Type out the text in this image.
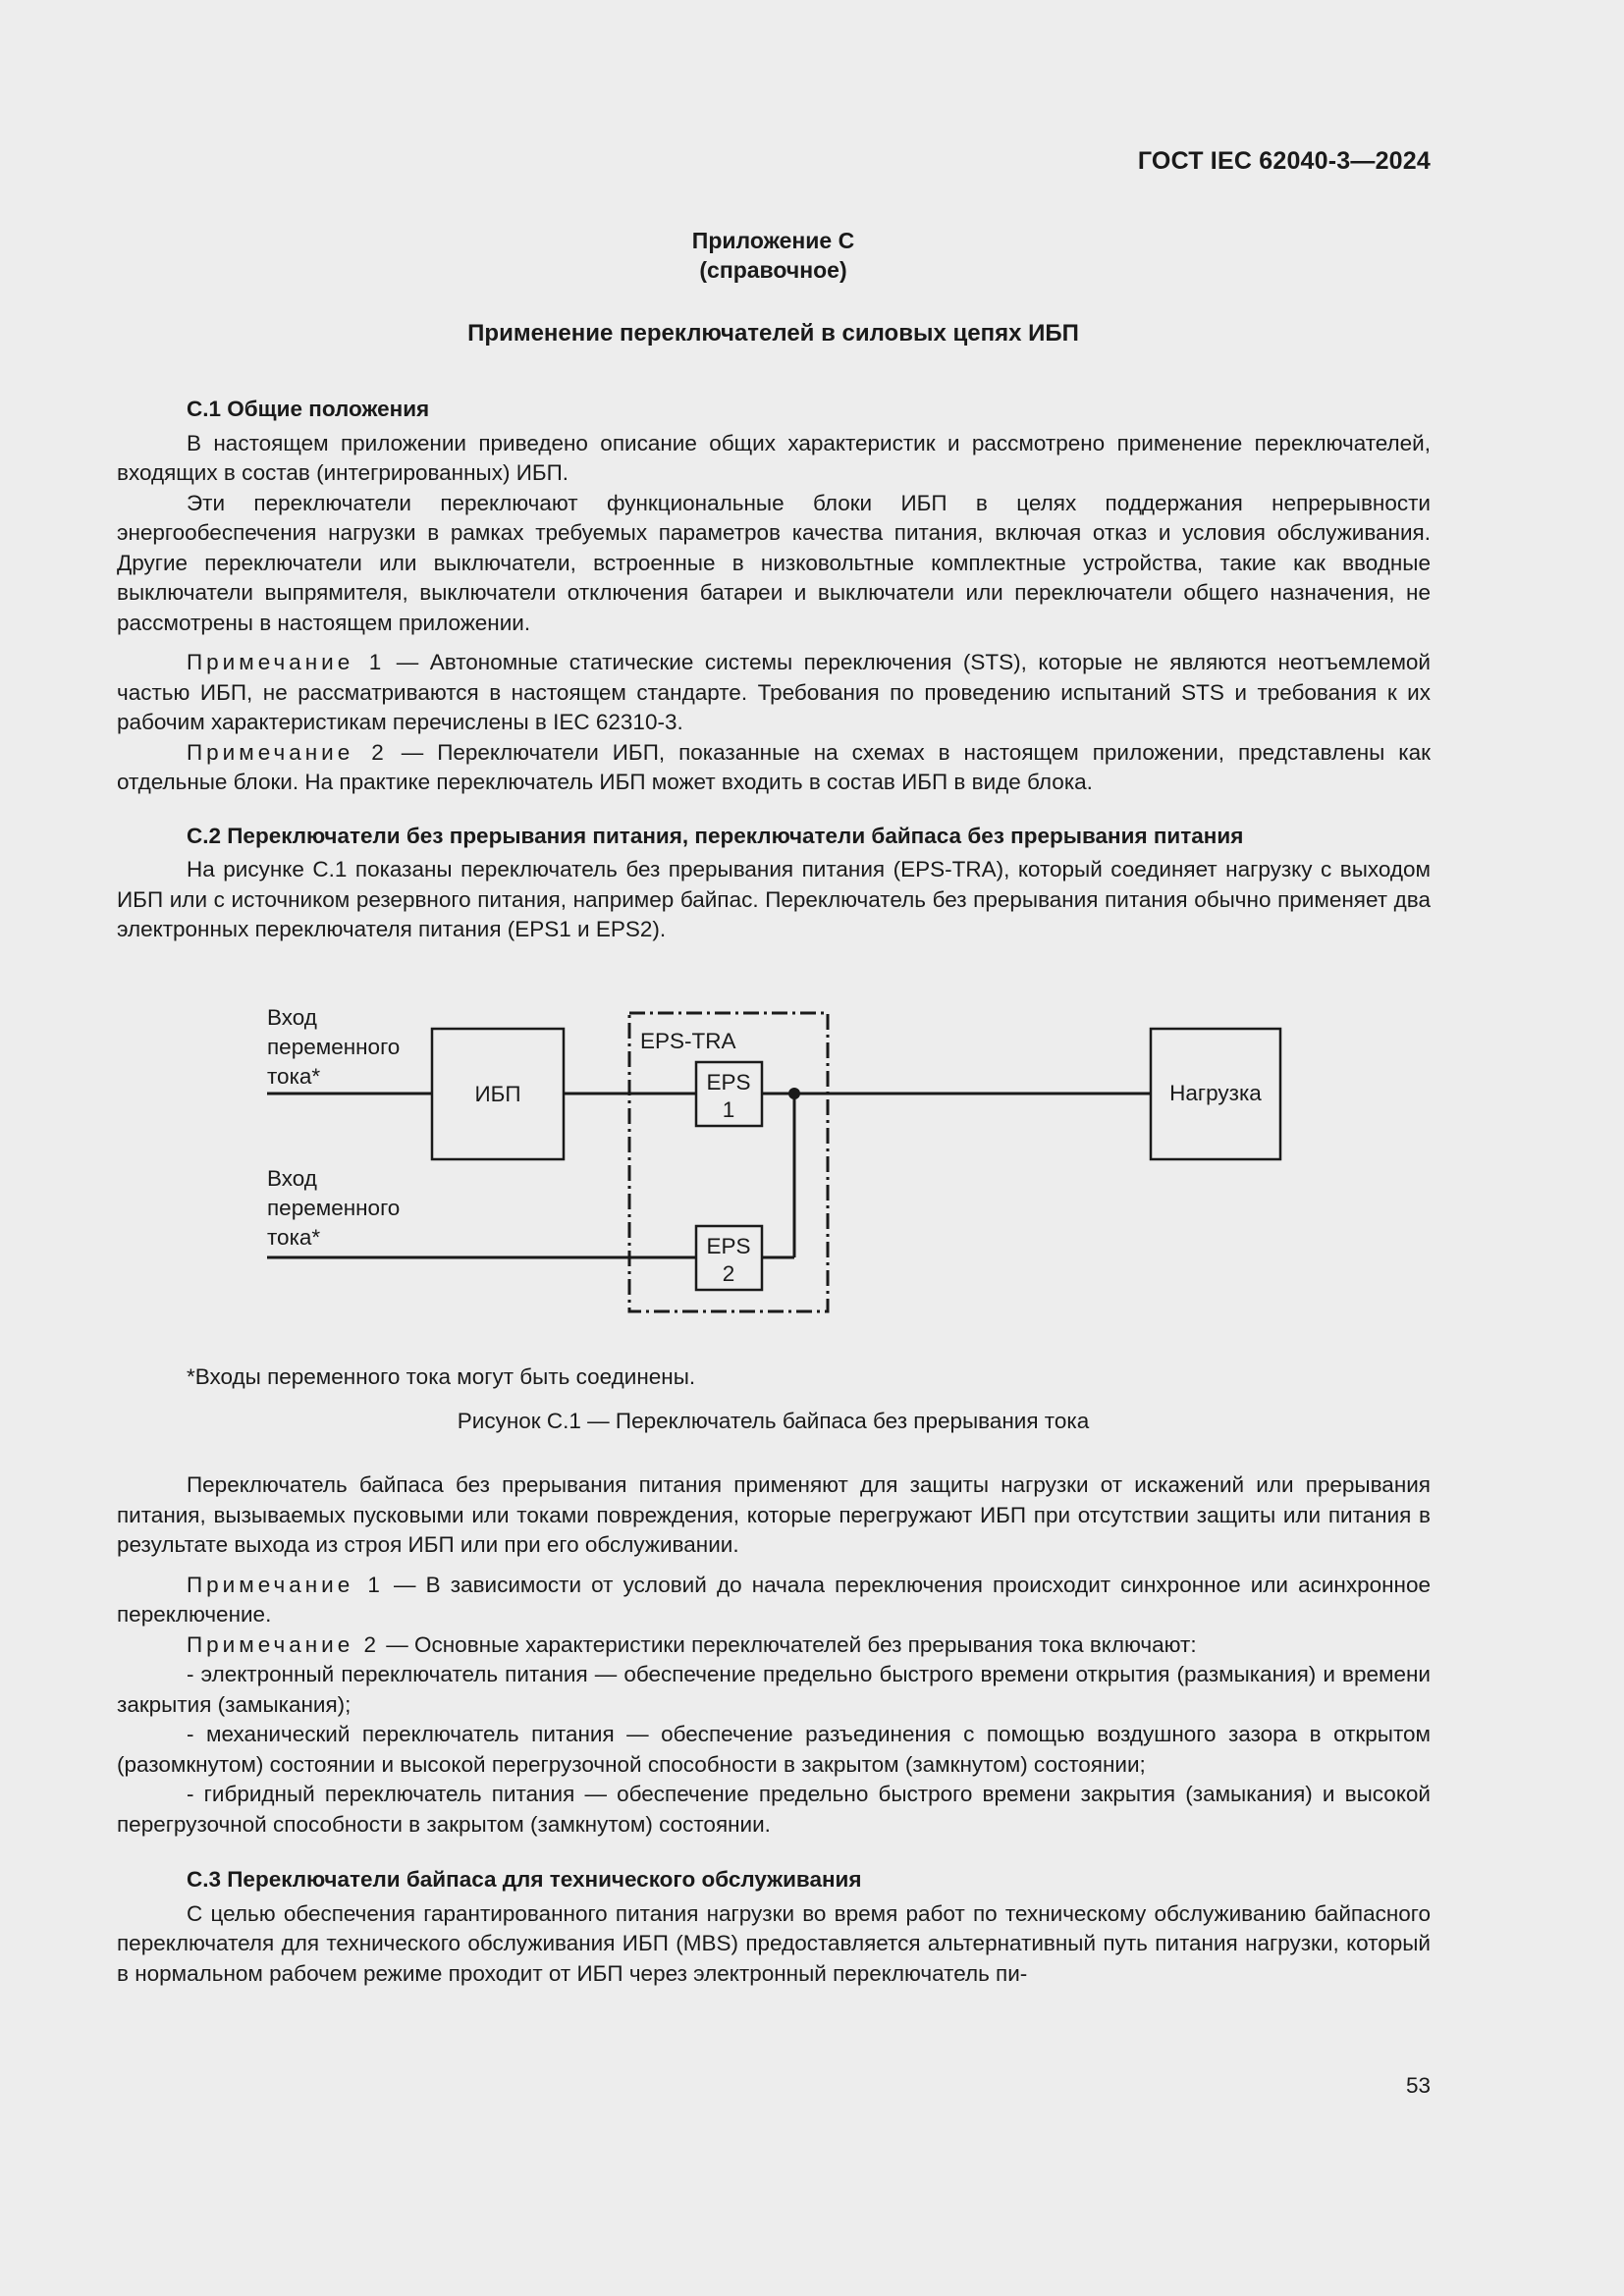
ГОСТ IEC 62040-3—2024
Приложение С
(справочное)
Применение переключателей в силовых цепях ИБП

С.1 Общие положения

В настоящем приложении приведено описание общих характеристик и рассмотрено применение переключателей, входящих в состав (интегрированных) ИБП.

Эти переключатели переключают функциональные блоки ИБП в целях поддержания непрерывности энергообеспечения нагрузки в рамках требуемых параметров качества питания, включая отказ и условия обслуживания. Другие переключатели или выключатели, встроенные в низковольтные комплектные устройства, такие как вводные выключатели выпрямителя, выключатели отключения батареи и выключатели или переключатели общего назначения, не рассмотрены в настоящем приложении.

Примечание 1 — Автономные статические системы переключения (STS), которые не являются неотъемлемой частью ИБП, не рассматриваются в настоящем стандарте. Требования по проведению испытаний STS и требования к их рабочим характеристикам перечислены в IEC 62310-3.

Примечание 2 — Переключатели ИБП, показанные на схемах в настоящем приложении, представлены как отдельные блоки. На практике переключатель ИБП может входить в состав ИБП в виде блока.

С.2 Переключатели без прерывания питания, переключатели байпаса без прерывания питания

На рисунке С.1 показаны переключатель без прерывания питания (EPS-TRA), который соединяет нагрузку с выходом ИБП или с источником резервного питания, например байпас. Переключатель без прерывания питания обычно применяет два электронных переключателя питания (EPS1 и EPS2).

Вход
переменного
тока*
Вход
переменного
тока*
EPS-TRA
ИБП	EPS
1
EPS
2
Нагрузка
*Входы переменного тока могут быть соединены.
Рисунок С.1 — Переключатель байпаса без прерывания тока

Переключатель байпаса без прерывания питания применяют для защиты нагрузки от искажений или прерывания питания, вызываемых пусковыми или токами повреждения, которые перегружают ИБП при отсутствии защиты или питания в результате выхода из строя ИБП или при его обслуживании.

Примечание 1 — В зависимости от условий до начала переключения происходит синхронное или асинхронное переключение.

Примечание 2 — Основные характеристики переключателей без прерывания тока включают:

- электронный переключатель питания — обеспечение предельно быстрого времени открытия (размыкания) и времени закрытия (замыкания);

- механический переключатель питания — обеспечение разъединения с помощью воздушного зазора в открытом (разомкнутом) состоянии и высокой перегрузочной способности в закрытом (замкнутом) состоянии;

- гибридный переключатель питания — обеспечение предельно быстрого времени закрытия (замыкания) и высокой перегрузочной способности в закрытом (замкнутом) состоянии.

С.3 Переключатели байпаса для технического обслуживания

С целью обеспечения гарантированного питания нагрузки во время работ по техническому обслуживанию байпасного переключателя для технического обслуживания ИБП (MBS) предоставляется альтернативный путь питания нагрузки, который в нормальном рабочем режиме проходит от ИБП через электронный переключатель пи-

53
